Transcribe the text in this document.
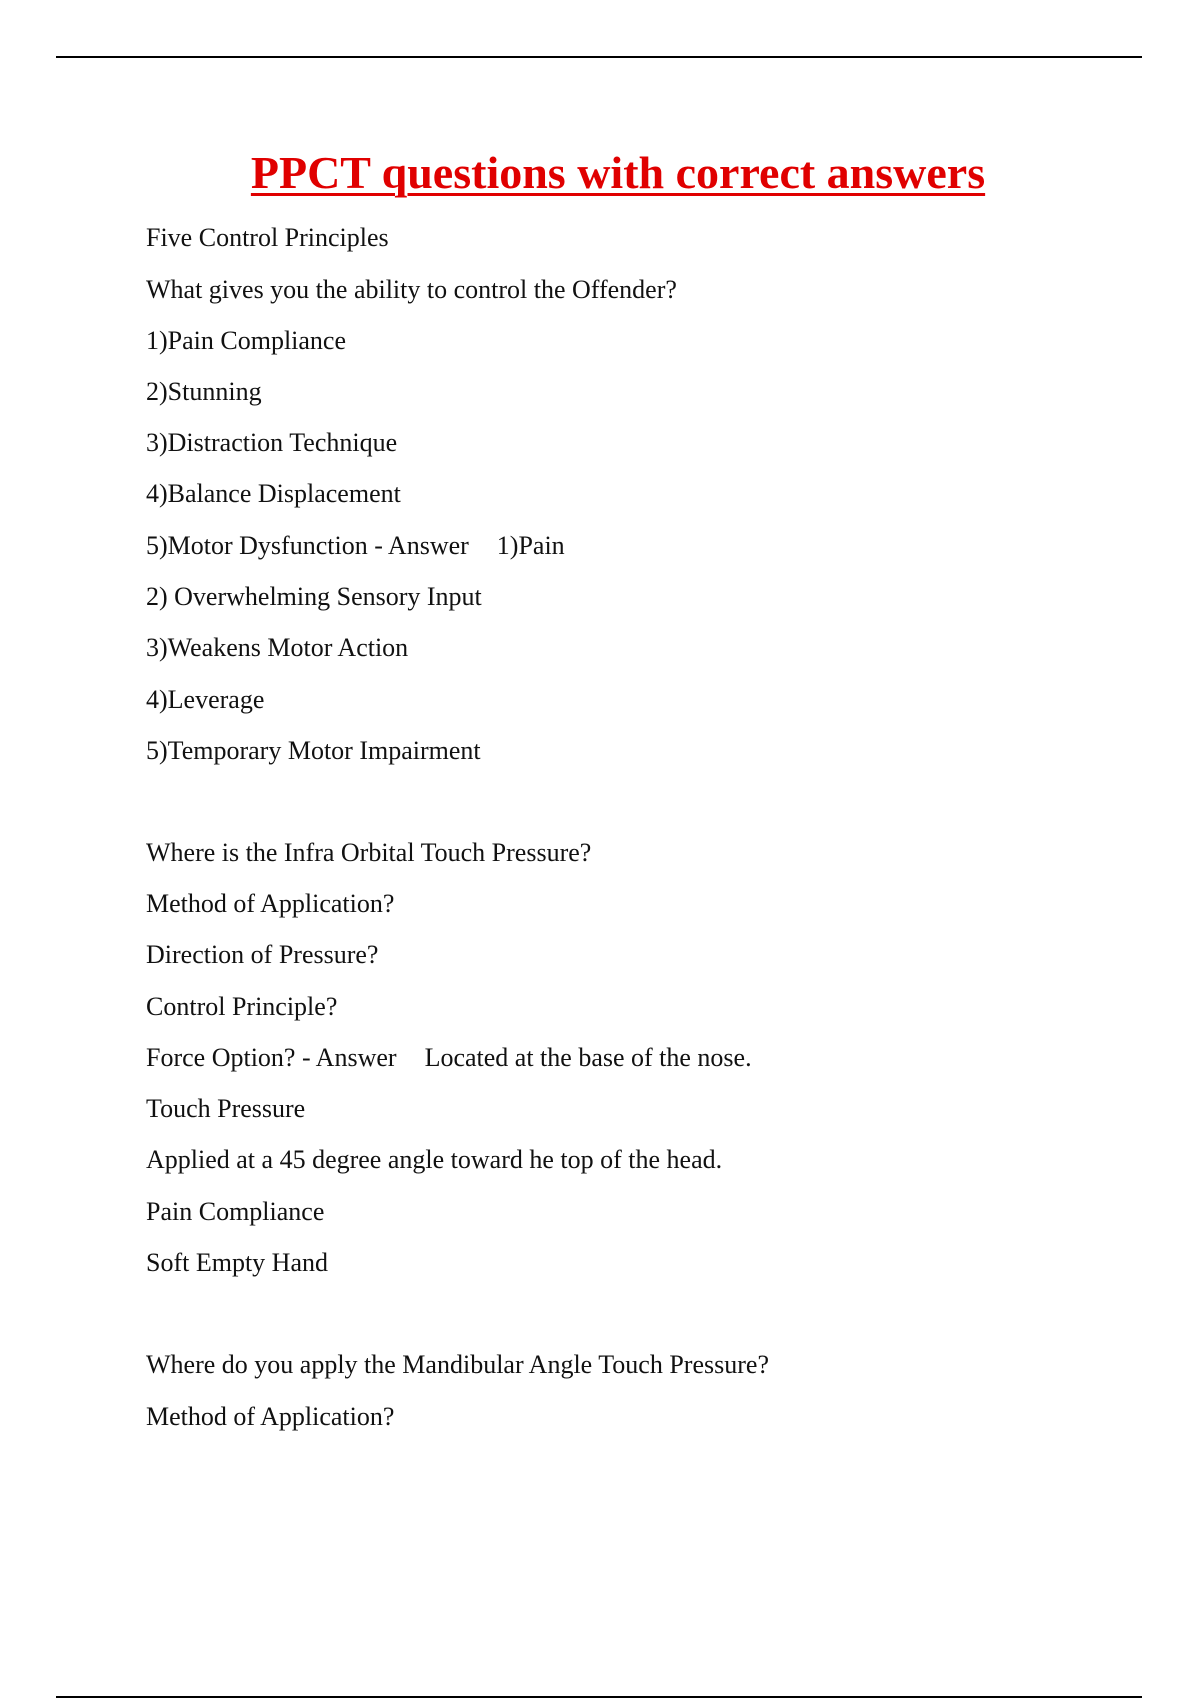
PPCT questions with correct answers
Five Control Principles
What gives you the ability to control the Offender?
1)Pain Compliance
2)Stunning
3)Distraction Technique
4)Balance Displacement
5)Motor Dysfunction - Answer 1)Pain
2) Overwhelming Sensory Input
3)Weakens Motor Action
4)Leverage
5)Temporary Motor Impairment
Where is the Infra Orbital Touch Pressure?
Method of Application?
Direction of Pressure?
Control Principle?
Force Option? - Answer Located at the base of the nose.
Touch Pressure
Applied at a 45 degree angle toward he top of the head.
Pain Compliance
Soft Empty Hand
Where do you apply the Mandibular Angle Touch Pressure?
Method of Application?
